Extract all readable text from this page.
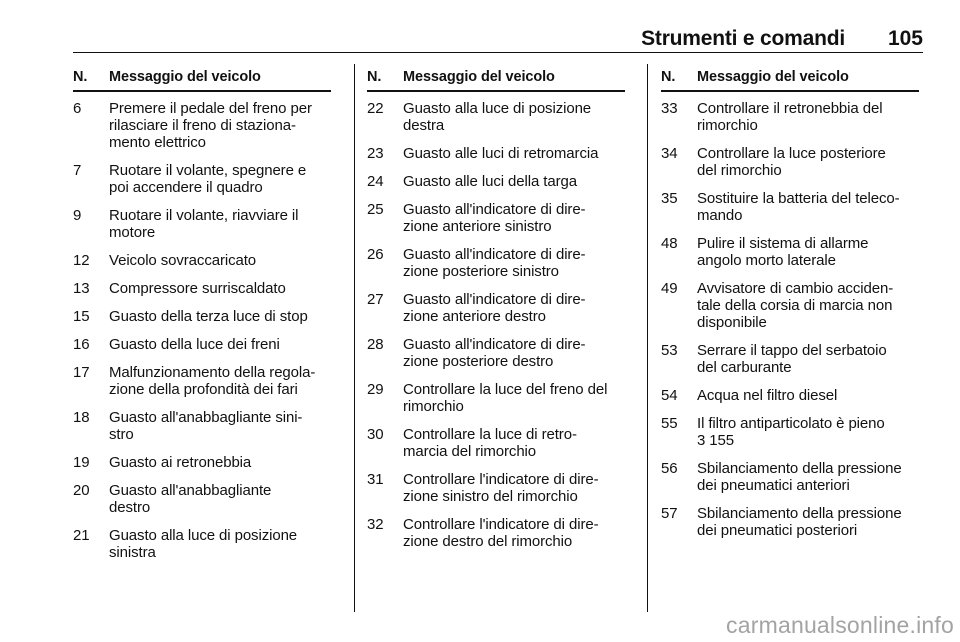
Strumenti e comandi 105
N.	Messaggio del veicolo
6	Premere il pedale del freno per
rilasciare il freno di staziona-
mento elettrico
7	Ruotare il volante, spegnere e
poi accendere il quadro
9	Ruotare il volante, riavviare il
motore
12	Veicolo sovraccaricato
13	Compressore surriscaldato
15	Guasto della terza luce di stop
16	Guasto della luce dei freni
17	Malfunzionamento della regola-
zione della profondità dei fari
18	Guasto all'anabbagliante sini-
stro
19	Guasto ai retronebbia
20	Guasto all'anabbagliante
destro
21	Guasto alla luce di posizione
sinistra
N.	Messaggio del veicolo
22	Guasto alla luce di posizione
destra
23	Guasto alle luci di retromarcia
24	Guasto alle luci della targa
25	Guasto all'indicatore di dire-
zione anteriore sinistro
26	Guasto all'indicatore di dire-
zione posteriore sinistro
27	Guasto all'indicatore di dire-
zione anteriore destro
28	Guasto all'indicatore di dire-
zione posteriore destro
29	Controllare la luce del freno del
rimorchio
30	Controllare la luce di retro-
marcia del rimorchio
31	Controllare l'indicatore di dire-
zione sinistro del rimorchio
32	Controllare l'indicatore di dire-
zione destro del rimorchio
N.	Messaggio del veicolo
33	Controllare il retronebbia del
rimorchio
34	Controllare la luce posteriore
del rimorchio
35	Sostituire la batteria del teleco-
mando
48	Pulire il sistema di allarme
angolo morto laterale
49	Avvisatore di cambio acciden-
tale della corsia di marcia non
disponibile
53	Serrare il tappo del serbatoio
del carburante
54	Acqua nel filtro diesel
55	Il filtro antiparticolato è pieno
3 155
56	Sbilanciamento della pressione
dei pneumatici anteriori
57	Sbilanciamento della pressione
dei pneumatici posteriori
carmanualsonline.info
